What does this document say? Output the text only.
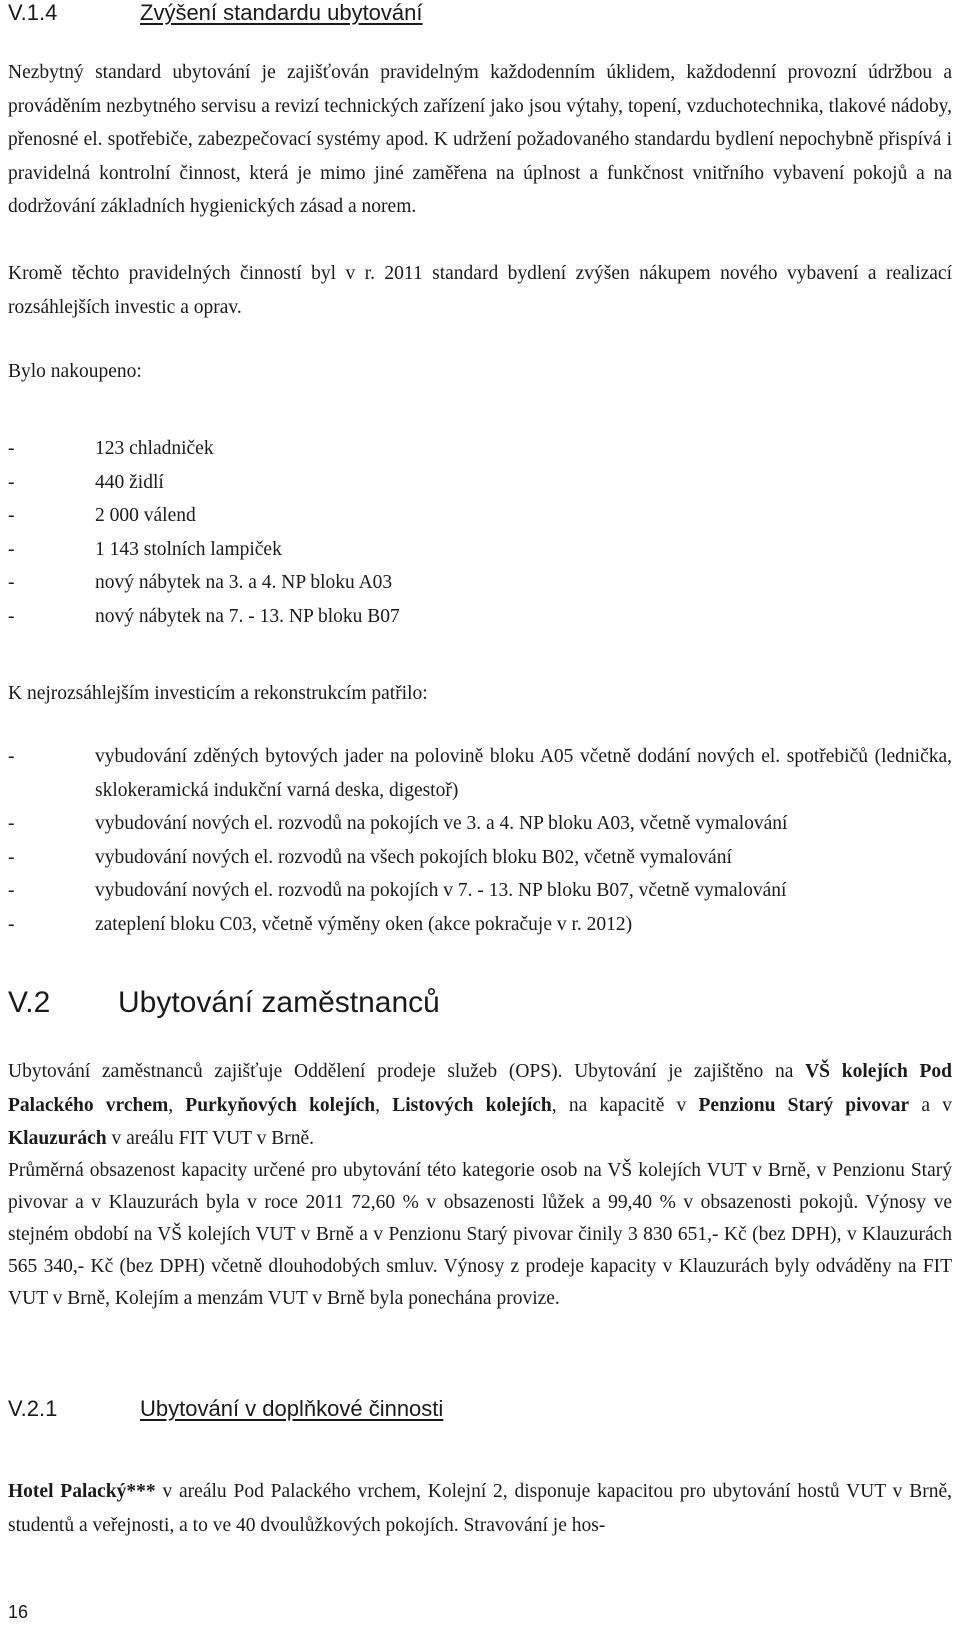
V.1.4	Zvýšení standardu ubytování
Nezbytný standard ubytování je zajišťován pravidelným každodenním úklidem, každodenní provozní údržbou a prováděním nezbytného servisu a revizí technických zařízení jako jsou výtahy, topení, vzduchotechnika, tlakové nádoby, přenosné el. spotřebiče, zabezpečovací systémy apod. K udržení požadovaného standardu bydlení nepochybně přispívá i pravidelná kontrolní činnost, která je mimo jiné zaměřena na úplnost a funkčnost vnitřního vybavení pokojů a na dodržování základních hygienických zásad a norem.
Kromě těchto pravidelných činností byl v r. 2011 standard bydlení zvýšen nákupem nového vybavení a realizací rozsáhlejších investic a oprav.
Bylo nakoupeno:
-	123 chladniček
-	440 židlí
-	2 000 válend
-	1 143 stolních lampiček
-	nový nábytek na 3. a 4. NP bloku A03
-	nový nábytek na 7. - 13. NP bloku B07
K nejrozsáhlejším investicím a rekonstrukcím patřilo:
-	vybudování zděných bytových jader na polovině bloku A05 včetně dodání nových el. spotřebičů (lednička, sklokeramická indukční varná deska, digestoř)
-	vybudování nových el. rozvodů na pokojích ve 3. a 4. NP bloku A03, včetně vymalování
-	vybudování nových el. rozvodů na všech pokojích bloku B02, včetně vymalování
-	vybudování nových el. rozvodů na pokojích v 7. - 13. NP bloku B07, včetně vymalování
-	zateplení bloku C03, včetně výměny oken (akce pokračuje v r. 2012)
V.2 Ubytování zaměstnanců
Ubytování zaměstnanců zajišťuje Oddělení prodeje služeb (OPS). Ubytování je zajištěno na VŠ kolejích Pod Palackého vrchem, Purkyňových kolejích, Listových kolejích, na kapacitě v Penzionu Starý pivovar a v Klauzurách v areálu FIT VUT v Brně.
Průměrná obsazenost kapacity určené pro ubytování této kategorie osob na VŠ kolejích VUT v Brně, v Penzionu Starý pivovar a v Klauzurách byla v roce 2011 72,60 % v obsazenosti lůžek a 99,40 % v obsazenosti pokojů. Výnosy ve stejném období na VŠ kolejích VUT v Brně a v Penzionu Starý pivovar činily 3 830 651,- Kč (bez DPH), v Klauzurách 565 340,- Kč (bez DPH) včetně dlouhodobých smluv. Výnosy z prodeje kapacity v Klauzurách byly odváděny na FIT VUT v Brně, Kolejím a menzám VUT v Brně byla ponechána provize.
V.2.1	Ubytování v doplňkové činnosti
Hotel Palacký*** v areálu Pod Palackého vrchem, Kolejní 2, disponuje kapacitou pro ubytování hostů VUT v Brně, studentů a veřejnosti, a to ve 40 dvoulůžkových pokojích. Stravování je hos-
16
